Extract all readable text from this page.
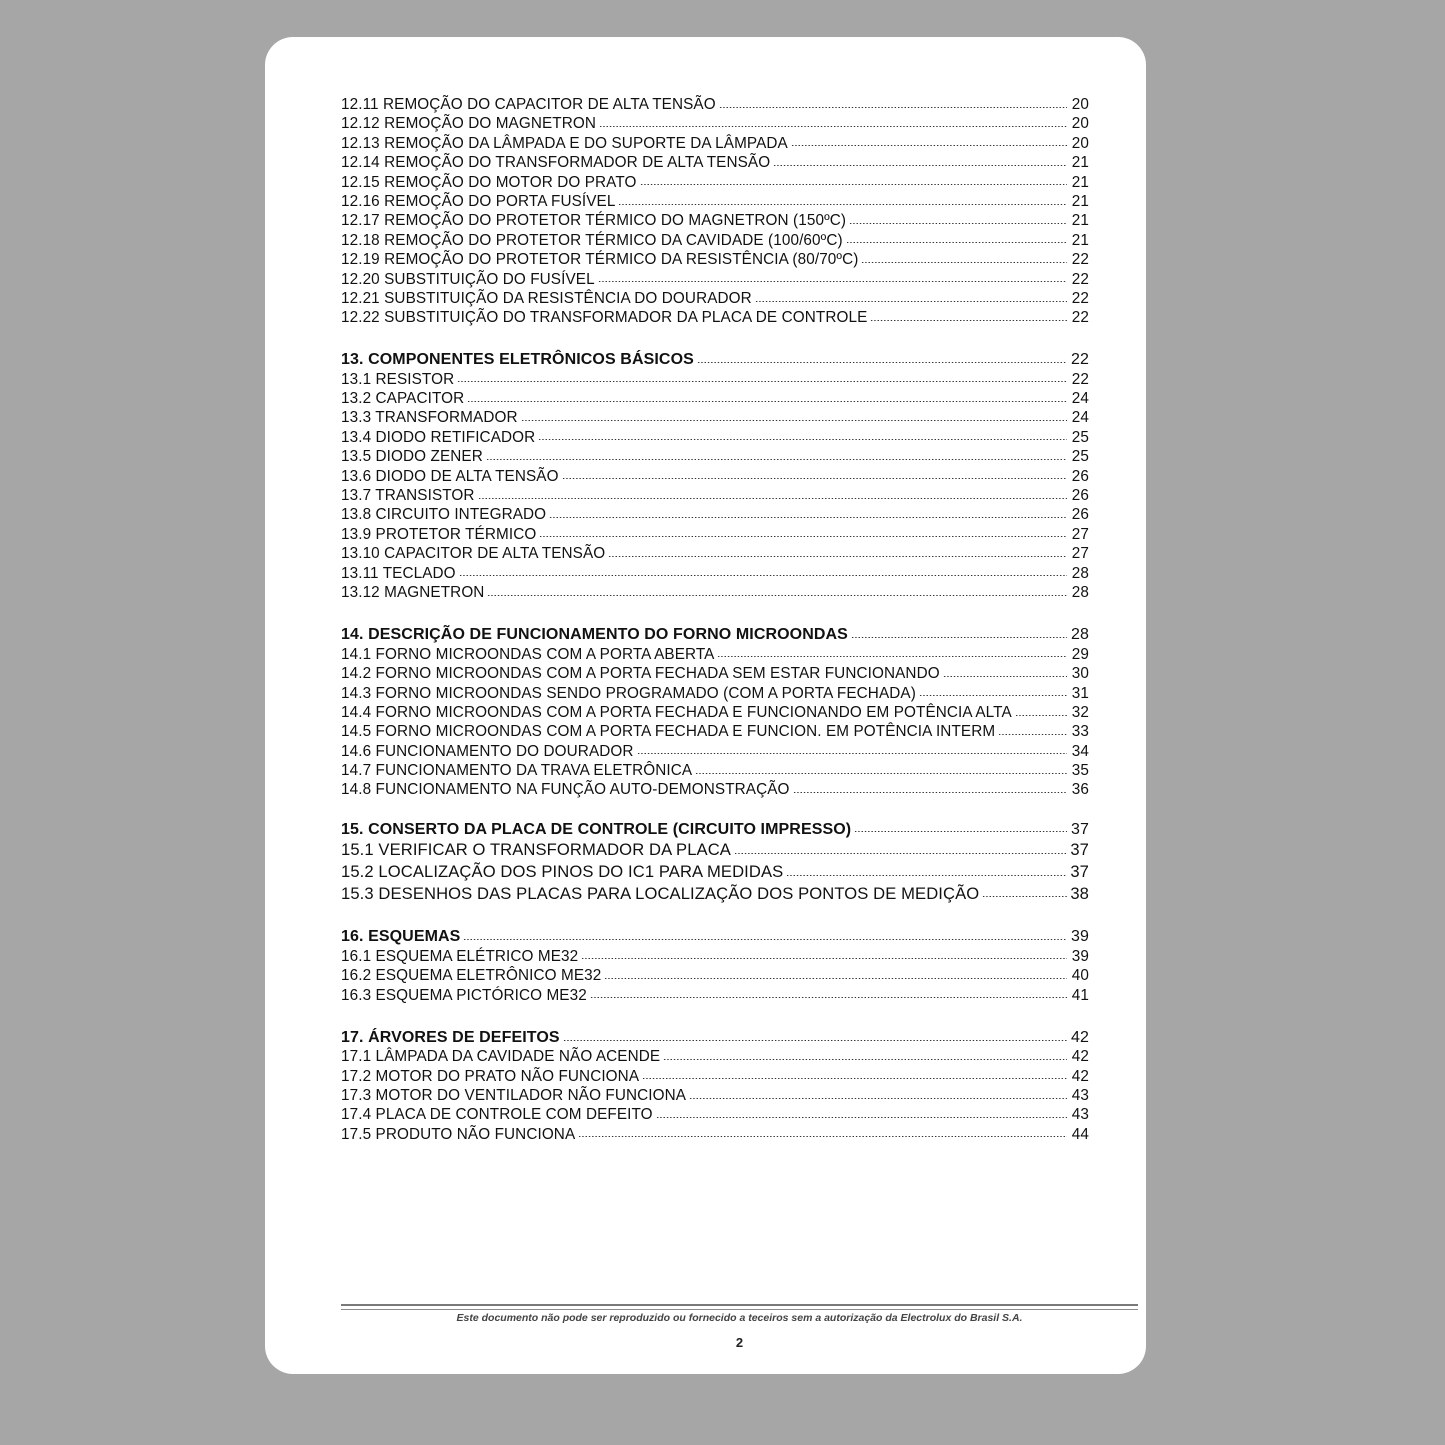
12.11 REMOÇÃO DO CAPACITOR DE ALTA TENSÃO	20
12.12 REMOÇÃO DO MAGNETRON	20
12.13 REMOÇÃO DA LÂMPADA E DO SUPORTE DA LÂMPADA	20
12.14 REMOÇÃO DO TRANSFORMADOR DE ALTA TENSÃO	21
12.15 REMOÇÃO DO MOTOR DO PRATO	21
12.16 REMOÇÃO DO PORTA FUSÍVEL	21
12.17 REMOÇÃO DO PROTETOR TÉRMICO DO MAGNETRON (150ºC)	21
12.18 REMOÇÃO DO PROTETOR TÉRMICO DA CAVIDADE (100/60ºC)	21
12.19 REMOÇÃO DO PROTETOR TÉRMICO DA RESISTÊNCIA (80/70ºC)	22
12.20 SUBSTITUIÇÃO DO FUSÍVEL	22
12.21 SUBSTITUIÇÃO DA RESISTÊNCIA DO DOURADOR	22
12.22 SUBSTITUIÇÃO DO TRANSFORMADOR DA PLACA DE CONTROLE	22
13. COMPONENTES ELETRÔNICOS BÁSICOS	22
13.1 RESISTOR	22
13.2 CAPACITOR	24
13.3 TRANSFORMADOR	24
13.4 DIODO RETIFICADOR	25
13.5 DIODO ZENER	25
13.6 DIODO DE ALTA TENSÃO	26
13.7 TRANSISTOR	26
13.8 CIRCUITO INTEGRADO	26
13.9 PROTETOR TÉRMICO	27
13.10 CAPACITOR DE ALTA TENSÃO	27
13.11 TECLADO	28
13.12 MAGNETRON	28
14. DESCRIÇÃO DE FUNCIONAMENTO DO FORNO MICROONDAS	28
14.1 FORNO MICROONDAS COM A PORTA ABERTA	29
14.2 FORNO MICROONDAS COM A PORTA FECHADA SEM ESTAR FUNCIONANDO	30
14.3 FORNO MICROONDAS SENDO PROGRAMADO (COM A PORTA FECHADA)	31
14.4 FORNO MICROONDAS COM A PORTA FECHADA E FUNCIONANDO EM POTÊNCIA ALTA	32
14.5 FORNO MICROONDAS COM A PORTA FECHADA E FUNCION. EM POTÊNCIA INTERM	33
14.6 FUNCIONAMENTO DO DOURADOR	34
14.7 FUNCIONAMENTO DA TRAVA ELETRÔNICA	35
14.8 FUNCIONAMENTO NA FUNÇÃO AUTO-DEMONSTRAÇÃO	36
15. CONSERTO DA PLACA DE CONTROLE (CIRCUITO IMPRESSO)	37
15.1 VERIFICAR O TRANSFORMADOR DA PLACA	37
15.2 LOCALIZAÇÃO DOS PINOS DO IC1 PARA MEDIDAS	37
15.3 DESENHOS DAS PLACAS PARA LOCALIZAÇÃO DOS PONTOS DE MEDIÇÃO	38
16. ESQUEMAS	39
16.1 ESQUEMA ELÉTRICO ME32	39
16.2 ESQUEMA ELETRÔNICO ME32	40
16.3 ESQUEMA PICTÓRICO ME32	41
17. ÁRVORES DE DEFEITOS	42
17.1 LÂMPADA DA CAVIDADE NÃO ACENDE	42
17.2 MOTOR DO PRATO NÃO FUNCIONA	42
17.3 MOTOR DO VENTILADOR NÃO FUNCIONA	43
17.4 PLACA DE CONTROLE COM DEFEITO	43
17.5 PRODUTO NÃO FUNCIONA	44
Este documento não pode ser reproduzido ou fornecido a teceiros sem a autorização da Electrolux do Brasil S.A.
2
